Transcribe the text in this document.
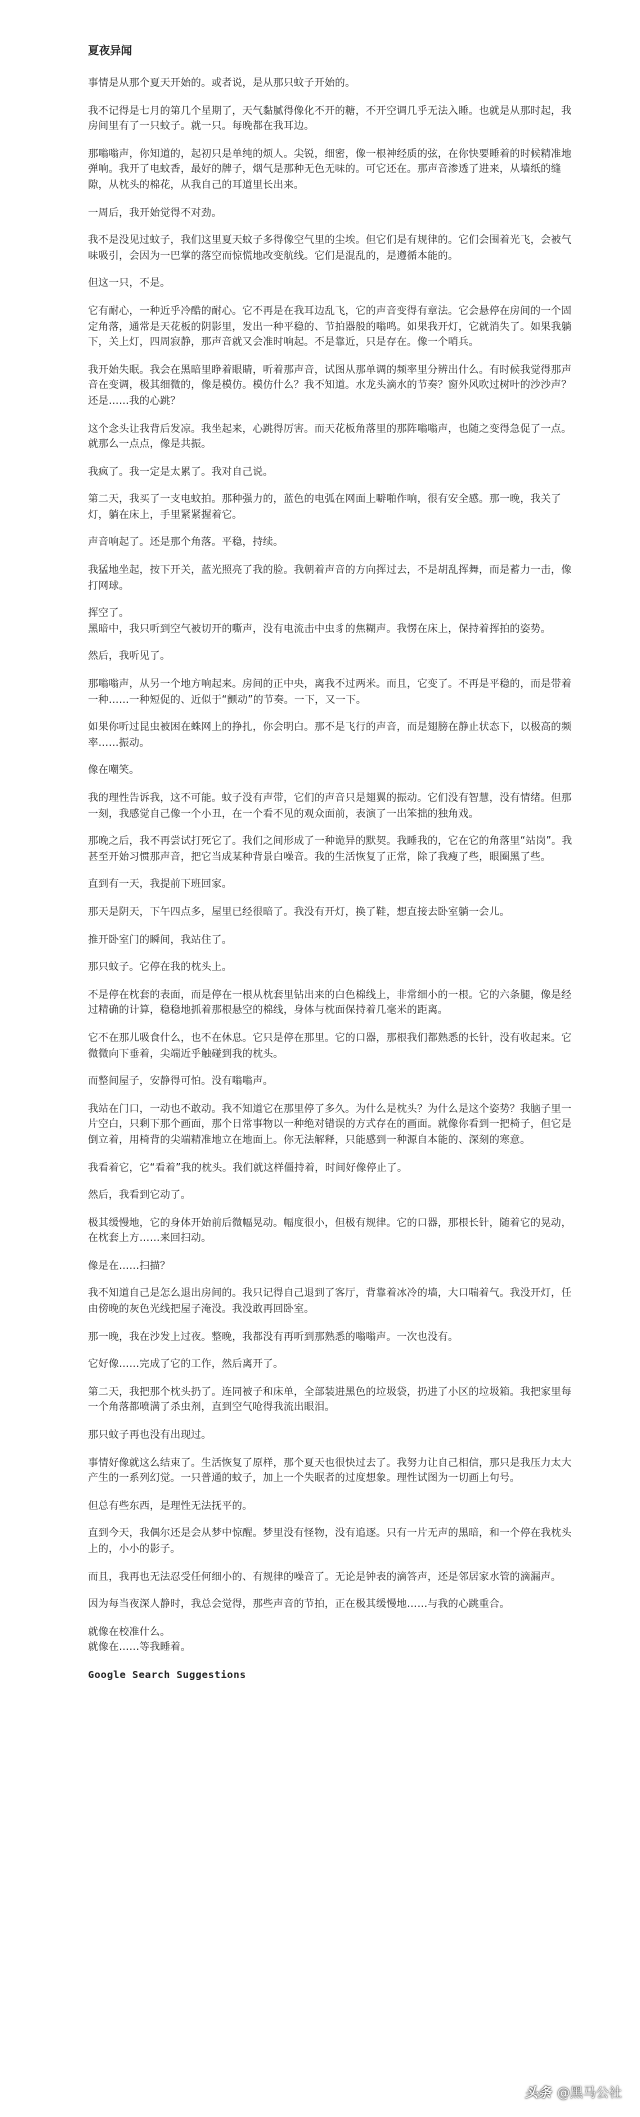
夏夜异闻
事情是从那个夏天开始的。或者说，是从那只蚊子开始的。
我不记得是七月的第几个星期了，天气黏腻得像化不开的糖，不开空调几乎无法入睡。也就是从那时起，我房间里有了一只蚊子。就一只。每晚都在我耳边。
那嗡嗡声，你知道的，起初只是单纯的烦人。尖锐，细密，像一根神经质的弦，在你快要睡着的时候精准地弹响。我开了电蚊香，最好的牌子，烟气是那种无色无味的。可它还在。那声音渗透了进来，从墙纸的缝隙，从枕头的棉花，从我自己的耳道里长出来。
一周后，我开始觉得不对劲。
我不是没见过蚊子，我们这里夏天蚊子多得像空气里的尘埃。但它们是有规律的。它们会围着光飞，会被气味吸引，会因为一巴掌的落空而惊慌地改变航线。它们是混乱的，是遵循本能的。
但这一只，不是。
它有耐心，一种近乎冷酷的耐心。它不再是在我耳边乱飞，它的声音变得有章法。它会悬停在房间的一个固定角落，通常是天花板的阴影里，发出一种平稳的、节拍器般的嗡鸣。如果我开灯，它就消失了。如果我躺下，关上灯，四周寂静，那声音就又会准时响起。不是靠近，只是存在。像一个哨兵。
我开始失眠。我会在黑暗里睁着眼睛，听着那声音，试图从那单调的频率里分辨出什么。有时候我觉得那声音在变调，极其细微的，像是模仿。模仿什么？我不知道。水龙头滴水的节奏？窗外风吹过树叶的沙沙声？还是……我的心跳？
这个念头让我背后发凉。我坐起来，心跳得厉害。而天花板角落里的那阵嗡嗡声，也随之变得急促了一点。就那么一点点，像是共振。
我疯了。我一定是太累了。我对自己说。
第二天，我买了一支电蚊拍。那种强力的，蓝色的电弧在网面上噼啪作响，很有安全感。那一晚，我关了灯，躺在床上，手里紧紧握着它。
声音响起了。还是那个角落。平稳，持续。
我猛地坐起，按下开关，蓝光照亮了我的脸。我朝着声音的方向挥过去，不是胡乱挥舞，而是蓄力一击，像打网球。
挥空了。
黑暗中，我只听到空气被切开的嘶声，没有电流击中虫豸的焦糊声。我愣在床上，保持着挥拍的姿势。
然后，我听见了。
那嗡嗡声，从另一个地方响起来。房间的正中央，离我不过两米。而且，它变了。不再是平稳的，而是带着一种……一种短促的、近似于“颤动”的节奏。一下，又一下。
如果你听过昆虫被困在蛛网上的挣扎，你会明白。那不是飞行的声音，而是翅膀在静止状态下，以极高的频率……振动。
像在嘲笑。
我的理性告诉我，这不可能。蚊子没有声带，它们的声音只是翅翼的振动。它们没有智慧，没有情绪。但那一刻，我感觉自己像一个小丑，在一个看不见的观众面前，表演了一出笨拙的独角戏。
那晚之后，我不再尝试打死它了。我们之间形成了一种诡异的默契。我睡我的，它在它的角落里“站岗”。我甚至开始习惯那声音，把它当成某种背景白噪音。我的生活恢复了正常，除了我瘦了些，眼圈黑了些。
直到有一天，我提前下班回家。
那天是阴天，下午四点多，屋里已经很暗了。我没有开灯，换了鞋，想直接去卧室躺一会儿。
推开卧室门的瞬间，我站住了。
那只蚊子。它停在我的枕头上。
不是停在枕套的表面，而是停在一根从枕套里钻出来的白色棉线上，非常细小的一根。它的六条腿，像是经过精确的计算，稳稳地抓着那根悬空的棉线，身体与枕面保持着几毫米的距离。
它不在那儿吸食什么，也不在休息。它只是停在那里。它的口器，那根我们都熟悉的长针，没有收起来。它微微向下垂着，尖端近乎触碰到我的枕头。
而整间屋子，安静得可怕。没有嗡嗡声。
我站在门口，一动也不敢动。我不知道它在那里停了多久。为什么是枕头？为什么是这个姿势？我脑子里一片空白，只剩下那个画面，那个日常事物以一种绝对错误的方式存在的画面。就像你看到一把椅子，但它是倒立着，用椅背的尖端精准地立在地面上。你无法解释，只能感到一种源自本能的、深刻的寒意。
我看着它，它“看着”我的枕头。我们就这样僵持着，时间好像停止了。
然后，我看到它动了。
极其缓慢地，它的身体开始前后微幅晃动。幅度很小，但极有规律。它的口器，那根长针，随着它的晃动，在枕套上方……来回扫动。
像是在……扫描？
我不知道自己是怎么退出房间的。我只记得自己退到了客厅，背靠着冰冷的墙，大口喘着气。我没开灯，任由傍晚的灰色光线把屋子淹没。我没敢再回卧室。
那一晚，我在沙发上过夜。整晚，我都没有再听到那熟悉的嗡嗡声。一次也没有。
它好像……完成了它的工作，然后离开了。
第二天，我把那个枕头扔了。连同被子和床单，全部装进黑色的垃圾袋，扔进了小区的垃圾箱。我把家里每一个角落都喷满了杀虫剂，直到空气呛得我流出眼泪。
那只蚊子再也没有出现过。
事情好像就这么结束了。生活恢复了原样，那个夏天也很快过去了。我努力让自己相信，那只是我压力太大产生的一系列幻觉。一只普通的蚊子，加上一个失眠者的过度想象。理性试图为一切画上句号。
但总有些东西，是理性无法抚平的。
直到今天，我偶尔还是会从梦中惊醒。梦里没有怪物，没有追逐。只有一片无声的黑暗，和一个停在我枕头上的，小小的影子。
而且，我再也无法忍受任何细小的、有规律的噪音了。无论是钟表的滴答声，还是邻居家水管的滴漏声。
因为每当夜深人静时，我总会觉得，那些声音的节拍，正在极其缓慢地……与我的心跳重合。
就像在校准什么。
就像在……等我睡着。
Google Search Suggestions
头条 @黑马公社
